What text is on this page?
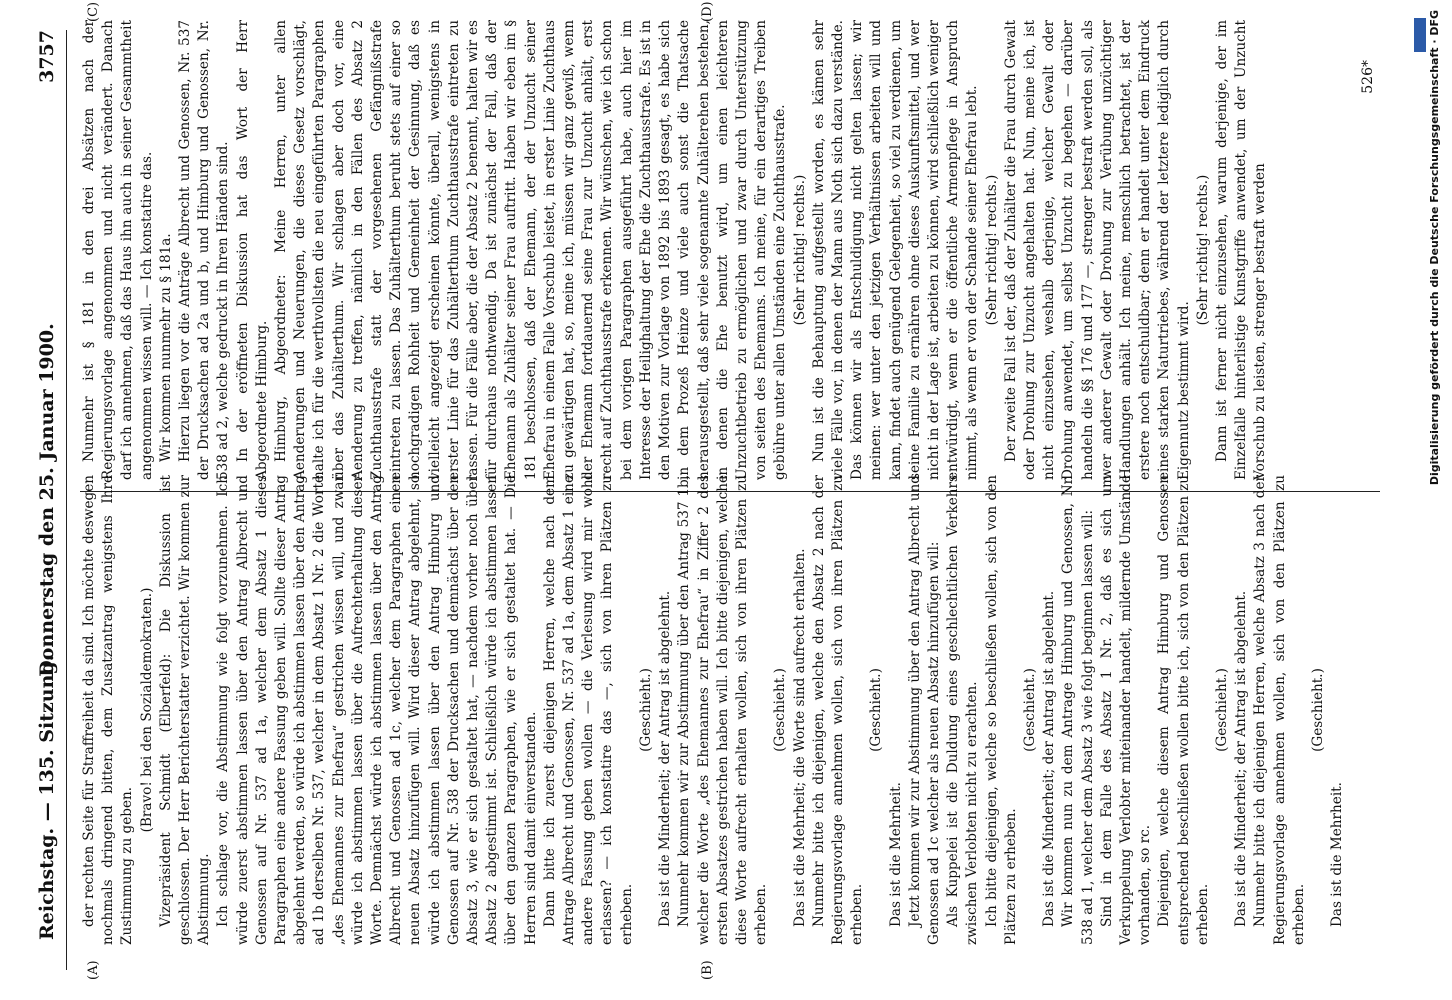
Reichstag. — 135. Sitzung.
Donnerstag den 25. Januar 1900.
3757
(A)	(B)
(C)	(D)

der rechten Seite für Straffreiheit da sind. Ich möchte deswegen nochmals dringend bitten, dem Zusatzantrag wenigstens Ihre Zustimmung zu geben.

(Bravo! bei den Sozialdemokraten.) Vizepräsident Schmidt (Elberfeld): Die Diskussion ist geschlossen. Der Herr Berichterstatter verzichtet. Wir kommen zur Abstimmung. Ich schlage vor, die Abstimmung wie folgt vorzunehmen. Ich würde zuerst abstimmen lassen über den Antrag Albrecht und Genossen auf Nr. 537 ad 1a, welcher dem Absatz 1 dieses Paragraphen eine andere Fassung geben will. Sollte dieser Antrag abgelehnt werden, so würde ich abstimmen lassen über den Antrag ad 1b derselben Nr. 537, welcher in dem Absatz 1 Nr. 2 die Worte „des Ehemannes zur Ehefrau“ gestrichen wissen will, und zwar würde ich abstimmen lassen über die Aufrechterhaltung dieser Worte. Demnächst würde ich abstimmen lassen über den Antrag Albrecht und Genossen ad 1c, welcher dem Paragraphen einen neuen Absatz hinzufügen will. Wird dieser Antrag abgelehnt, so würde ich abstimmen lassen über den Antrag Himburg und Genossen auf Nr. 538 der Drucksachen und demnächst über den Absatz 3, wie er sich gestaltet hat, — nachdem vorher noch über Absatz 2 abgestimmt ist. Schließlich würde ich abstimmen lassen über den ganzen Paragraphen, wie er sich gestaltet hat. — Die Herren sind damit einverstanden. Dann bitte ich zuerst diejenigen Herren, welche nach dem Antrage Albrecht und Genossen, Nr. 537 ad 1a, dem Absatz 1 eine andere Fassung geben wollen — die Verlesung wird mir wohl erlassen? — ich konstatire das —, sich von ihren Plätzen zu erheben.

(Geschieht.) Das ist die Minderheit; der Antrag ist abgelehnt. Nunmehr kommen wir zur Abstimmung über den Antrag 537 1b, welcher die Worte „des Ehemannes zur Ehefrau“ in Ziffer 2 des ersten Absatzes gestrichen haben will. Ich bitte diejenigen, welche diese Worte aufrecht erhalten wollen, sich von ihren Plätzen zu erheben.

(Geschieht.) Das ist die Mehrheit; die Worte sind aufrecht erhalten. Nunmehr bitte ich diejenigen, welche den Absatz 2 nach der Regierungsvorlage annehmen wollen, sich von ihren Plätzen zu erheben.

(Geschieht.)

Das ist die Mehrheit. Jetzt kommen wir zur Abstimmung über den Antrag Albrecht und Genossen ad 1c welcher als neuen Absatz hinzufügen will: Als Kuppelei ist die Duldung eines geschlechtlichen Verkehrs zwischen Verlobten nicht zu erachten. Ich bitte diejenigen, welche so beschließen wollen, sich von den Plätzen zu erheben.

(Geschieht.) Das ist die Minderheit; der Antrag ist abgelehnt. Wir kommen nun zu dem Antrage Himburg und Genossen, Nr. 538 ad 1, welcher dem Absatz 3 wie folgt beginnen lassen will: Sind in dem Falle des Absatz 1 Nr. 2, daß es sich um Verkuppelung Verlobter miteinander handelt, mildernde Umstände vorhanden, so rc. Diejenigen, welche diesem Antrag Himburg und Genossen entsprechend beschließen wollen bitte ich, sich von den Plätzen zu erheben.

(Geschieht.) Das ist die Minderheit; der Antrag ist abgelehnt. Nunmehr bitte ich diejenigen Herren, welche Absatz 3 nach der Regierungsvorlage annehmen wollen, sich von den Plätzen zu erheben.

(Geschieht.)

Das ist die Mehrheit.

Nunmehr ist § 181 in den drei Absätzen nach der Regierungsvorlage angenommen und nicht verändert. Danach darf ich annehmen, daß das Haus ihn auch in seiner Gesammtheit angenommen wissen will. — Ich konstatire das. Wir kommen nunmehr zu § 181a. Hierzu liegen vor die Anträge Albrecht und Genossen, Nr. 537 der Drucksachen ad 2a und b, und Himburg und Genossen, Nr. 538 ad 2, welche gedruckt in Ihren Händen sind. In der eröffneten Diskussion hat das Wort der Herr Abgeordnete Himburg. Himburg, Abgeordneter: Meine Herren, unter allen Aenderungen und Neuerungen, die dieses Gesetz vorschlägt, halte ich für die werthvollsten die neu eingeführten Paragraphen über das Zuhälterthum. Wir schlagen aber doch vor, eine Aenderung zu treffen, nämlich in den Fällen des Absatz 2 Zuchthausstrafe statt der vorgesehenen Gefängnißstrafe eintreten zu lassen. Das Zuhälterthum beruht stets auf einer so hochgradigen Rohheit und Gemeinheit der Gesinnung, daß es vielleicht angezeigt erscheinen könnte, überall, wenigstens in erster Linie für das Zuhälterthum Zuchthausstrafe eintreten zu lassen. Für die Fälle aber, die der Absatz 2 benennt, halten wir es für durchaus nothwendig. Da ist zunächst der Fall, daß der Ehemann als Zuhälter seiner Frau auftritt. Haben wir eben im § 181 beschlossen, daß der Ehemann, der der Unzucht seiner Ehefrau in einem Falle Vorschub leistet, in erster Linie Zuchthaus zu gewärtigen hat, so, meine ich, müssen wir ganz gewiß, wenn der Ehemann fortdauernd seine Frau zur Unzucht anhält, erst recht auf Zuchthausstrafe erkennen. Wir wünschen, wie ich schon bei dem vorigen Paragraphen ausgeführt habe, auch hier im Interesse der Heilighaltung der Ehe die Zuchthausstrafe. Es ist in den Motiven zur Vorlage von 1892 bis 1893 gesagt, es habe sich in dem Prozeß Heinze und viele auch sonst die Thatsache herausgestellt, daß sehr viele sogenannte Zuhälterehen bestehen, in denen die Ehe benutzt wird, um einen leichteren Unzuchtbetrieb zu ermöglichen und zwar durch Unterstützung von seiten des Ehemanns. Ich meine, für ein derartiges Treiben gebühre unter allen Umständen eine Zuchthausstrafe. (Sehr richtig! rechts.) Nun ist die Behauptung aufgestellt worden, es kämen sehr viele Fälle vor, in denen der Mann aus Noth sich dazu verstände. Das können wir als Entschuldigung nicht gelten lassen; wir meinen: wer unter den jetzigen Verhältnissen arbeiten will und kann, findet auch genügend Gelegenheit, so viel zu verdienen, um seine Familie zu ernähren ohne dieses Auskunftsmittel, und wer nicht in der Lage ist, arbeiten zu können, wird schließlich weniger entwürdigt, wenn er die öffentliche Armenpflege in Anspruch nimmt, als wenn er von der Schande seiner Ehefrau lebt. (Sehr richtig! rechts.) Der zweite Fall ist der, daß der Zuhälter die Frau durch Gewalt oder Drohung zur Unzucht angehalten hat. Nun, meine ich, ist nicht einzusehen, weshalb derjenige, welcher Gewalt oder Drohung anwendet, um selbst Unzucht zu begehen — darüber handeln die §§ 176 und 177 —, strenger bestraft werden soll, als wer anderer Gewalt oder Drohung zur Verübung unzüchtiger Handlungen anhält. Ich meine, menschlich betrachtet, ist der erstere noch entschuldbar; denn er handelt unter dem Eindruck eines starken Naturtriebes, während der letztere lediglich durch Eigennutz bestimmt wird.

(Sehr richtig! rechts.) Dann ist ferner nicht einzusehen, warum derjenige, der im Einzelfalle hinterlistige Kunstgriffe anwendet, um der Unzucht Vorschub zu leisten, strenger bestraft werden

526*	Digitalisierung gefördert durch die Deutsche Forschungsgemeinschaft · DFG
